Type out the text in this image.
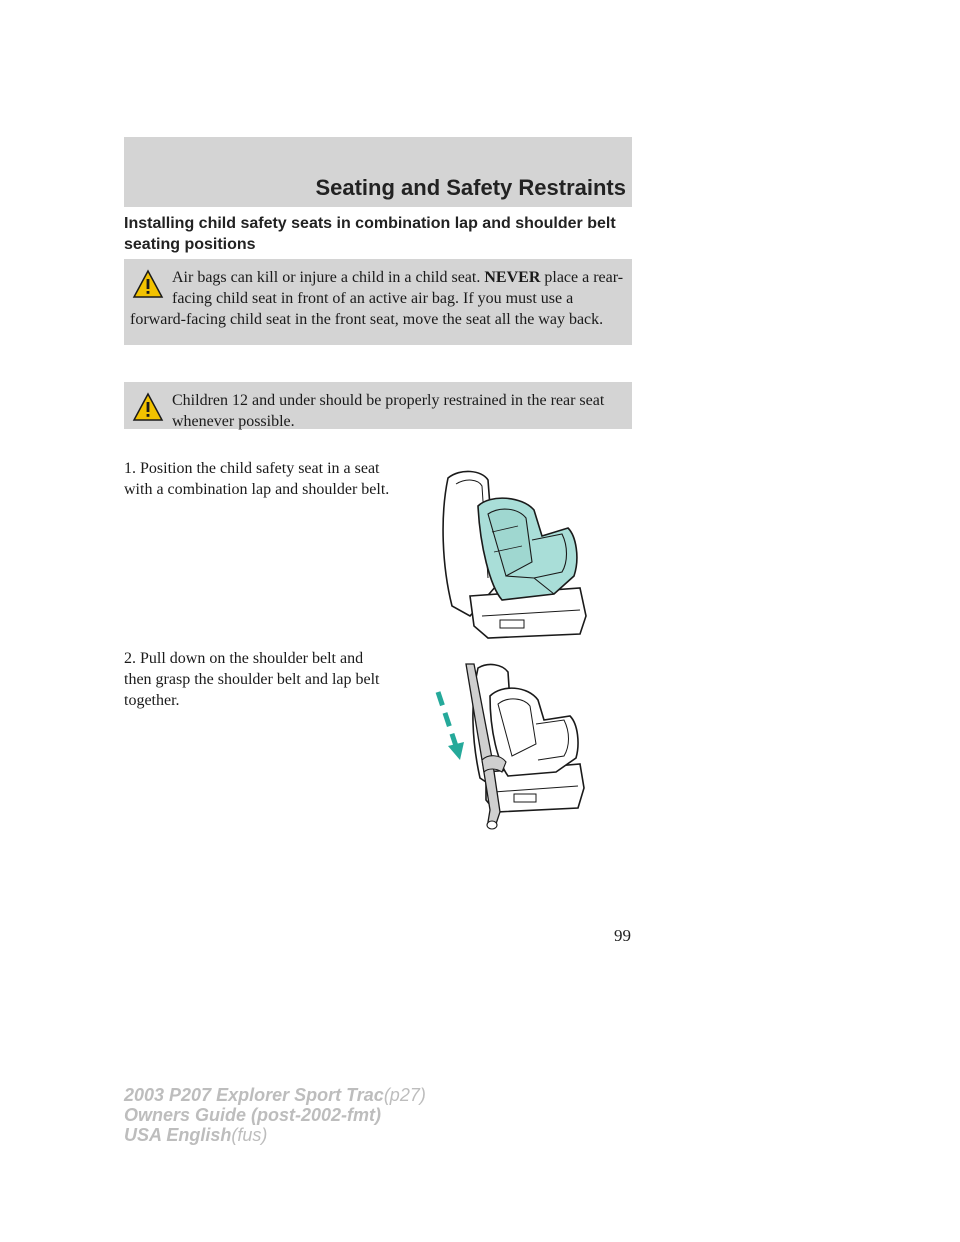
Seating and Safety Restraints
Installing child safety seats in combination lap and shoulder belt seating positions
Air bags can kill or injure a child in a child seat. NEVER place a rear-facing child seat in front of an active air bag. If you must use a forward-facing child seat in the front seat, move the seat all the way back.
Children 12 and under should be properly restrained in the rear seat whenever possible.
1. Position the child safety seat in a seat with a combination lap and shoulder belt.
2. Pull down on the shoulder belt and then grasp the shoulder belt and lap belt together.
99
2003 P207 Explorer Sport Trac(p27)
Owners Guide (post-2002-fmt)
USA English(fus)
